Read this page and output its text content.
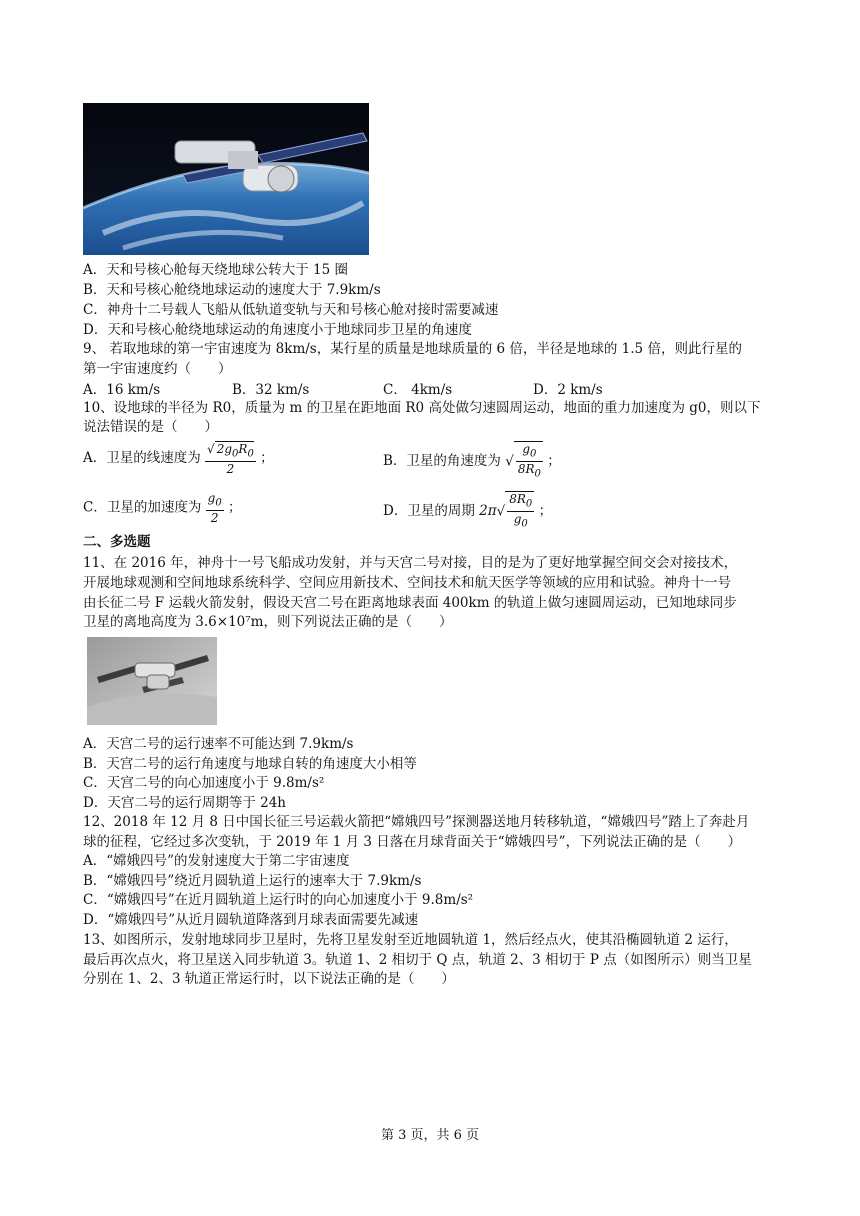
A．天和号核心舱每天绕地球公转大于 15 圈
B．天和号核心舱绕地球运动的速度大于 7.9km/s
C．神舟十二号载人飞船从低轨道变轨与天和号核心舱对接时需要减速
D．天和号核心舱绕地球运动的角速度小于地球同步卫星的角速度
9、 若取地球的第一宇宙速度为 8km/s，某行星的质量是地球质量的 6 倍，半径是地球的 1.5 倍，则此行星的
第一宇宙速度约（　　）
A．16 km/s	B．32 km/s	C． 4km/s	D．2 km/s
10、设地球的半径为 R0，质量为 m 的卫星在距地面 R0 高处做匀速圆周运动，地面的重力加速度为 g0，则以下
说法错误的是（　　）
A．卫星的线速度为 $\frac{√ 2g_0R_0}{2}$ ；	B．卫星的角速度为 √ $\frac{g_0}{8R_0}$ ；
C．卫星的加速度为 $\frac{g_0}{2}$ ；	D．卫星的周期 $2\pi√ \frac{8R_0}{g_0}$ ；
二、多选题
11、在 2016 年，神舟十一号飞船成功发射，并与天宫二号对接，目的是为了更好地掌握空间交会对接技术，
开展地球观测和空间地球系统科学、空间应用新技术、空间技术和航天医学等领域的应用和试验。神舟十一号
由长征二号 F 运载火箭发射，假设天宫二号在距离地球表面 400km 的轨道上做匀速圆周运动，已知地球同步
卫星的离地高度为 3.6×10⁷m，则下列说法正确的是（　　）
A．天宫二号的运行速率不可能达到 7.9km/s
B．天宫二号的运行角速度与地球自转的角速度大小相等
C．天宫二号的向心加速度小于 9.8m/s²
D．天宫二号的运行周期等于 24h
12、2018 年 12 月 8 日中国长征三号运载火箭把“嫦娥四号”探测器送地月转移轨道，“嫦娥四号”踏上了奔赴月
球的征程，它经过多次变轨，于 2019 年 1 月 3 日落在月球背面关于“嫦娥四号”，下列说法正确的是（　　）
A．“嫦娥四号”的发射速度大于第二宇宙速度
B．“嫦娥四号”绕近月圆轨道上运行的速率大于 7.9km/s
C．“嫦娥四号”在近月圆轨道上运行时的向心加速度小于 9.8m/s²
D．“嫦娥四号”从近月圆轨道降落到月球表面需要先减速
13、如图所示，发射地球同步卫星时，先将卫星发射至近地圆轨道 1，然后经点火，使其沿椭圆轨道 2 运行，
最后再次点火，将卫星送入同步轨道 3。轨道 1、2 相切于 Q 点，轨道 2、3 相切于 P 点（如图所示）则当卫星
分别在 1、2、3 轨道正常运行时，以下说法正确的是（　　）
第 3 页，共 6 页
